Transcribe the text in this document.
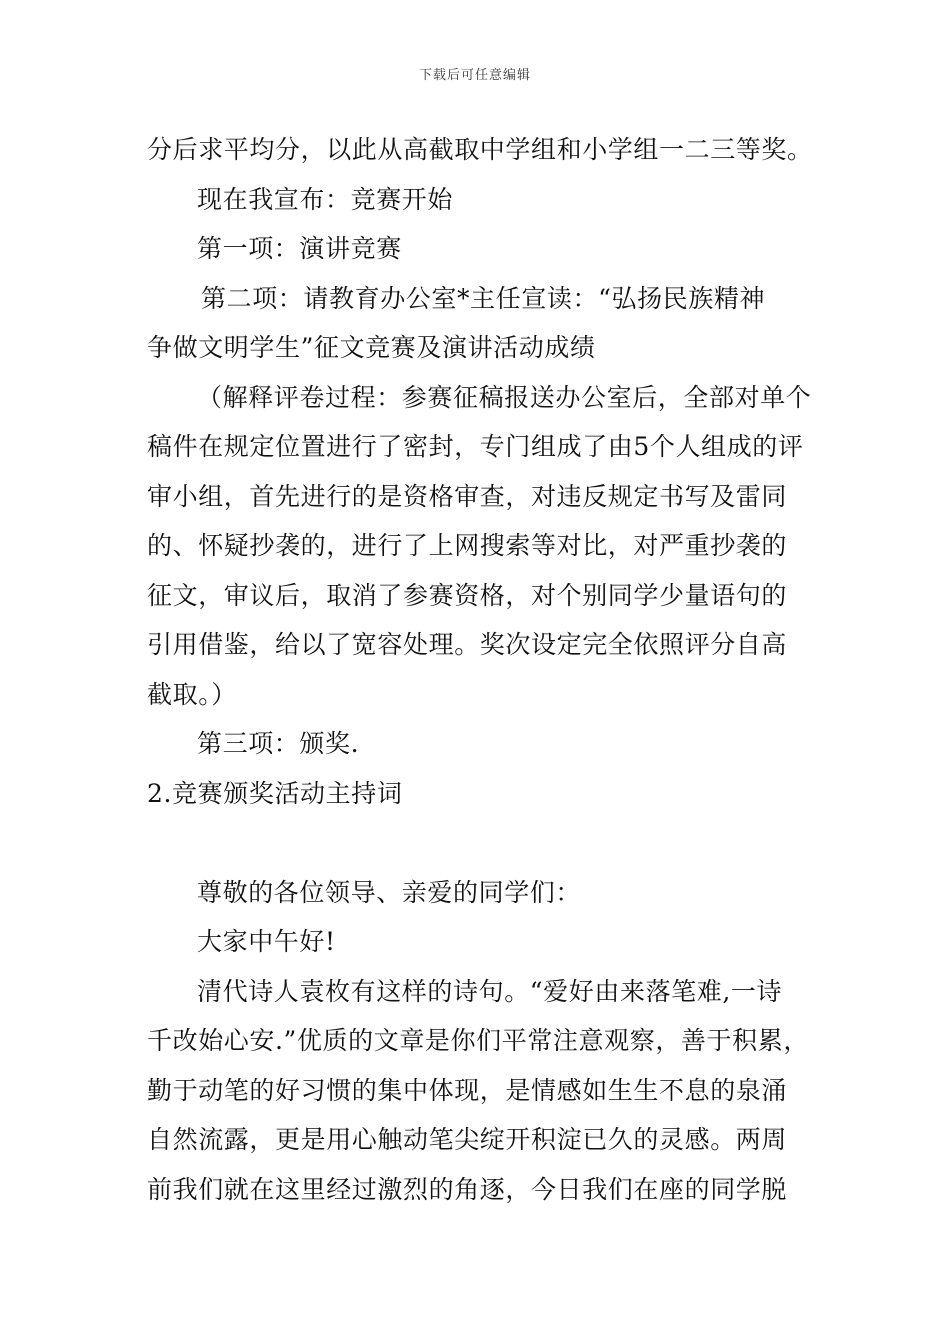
下载后可任意编辑
分后求平均分，以此从高截取中学组和小学组一二三等奖。
现在我宣布：竞赛开始
第一项：演讲竞赛
第二项：请教育办公室*主任宣读：“弘扬民族精神
争做文明学生”征文竞赛及演讲活动成绩
（解释评卷过程：参赛征稿报送办公室后，全部对单个
稿件在规定位置进行了密封，专门组成了由5个人组成的评
审小组，首先进行的是资格审查，对违反规定书写及雷同
的、怀疑抄袭的，进行了上网搜索等对比，对严重抄袭的
征文，审议后，取消了参赛资格，对个别同学少量语句的
引用借鉴，给以了宽容处理。奖次设定完全依照评分自高
截取。）
第三项：颁奖.
2.竞赛颁奖活动主持词
尊敬的各位领导、亲爱的同学们：
大家中午好!
清代诗人袁枚有这样的诗句。“爱好由来落笔难,一诗
千改始心安.”优质的文章是你们平常注意观察，善于积累，
勤于动笔的好习惯的集中体现，是情感如生生不息的泉涌
自然流露，更是用心触动笔尖绽开积淀已久的灵感。两周
前我们就在这里经过激烈的角逐，今日我们在座的同学脱
